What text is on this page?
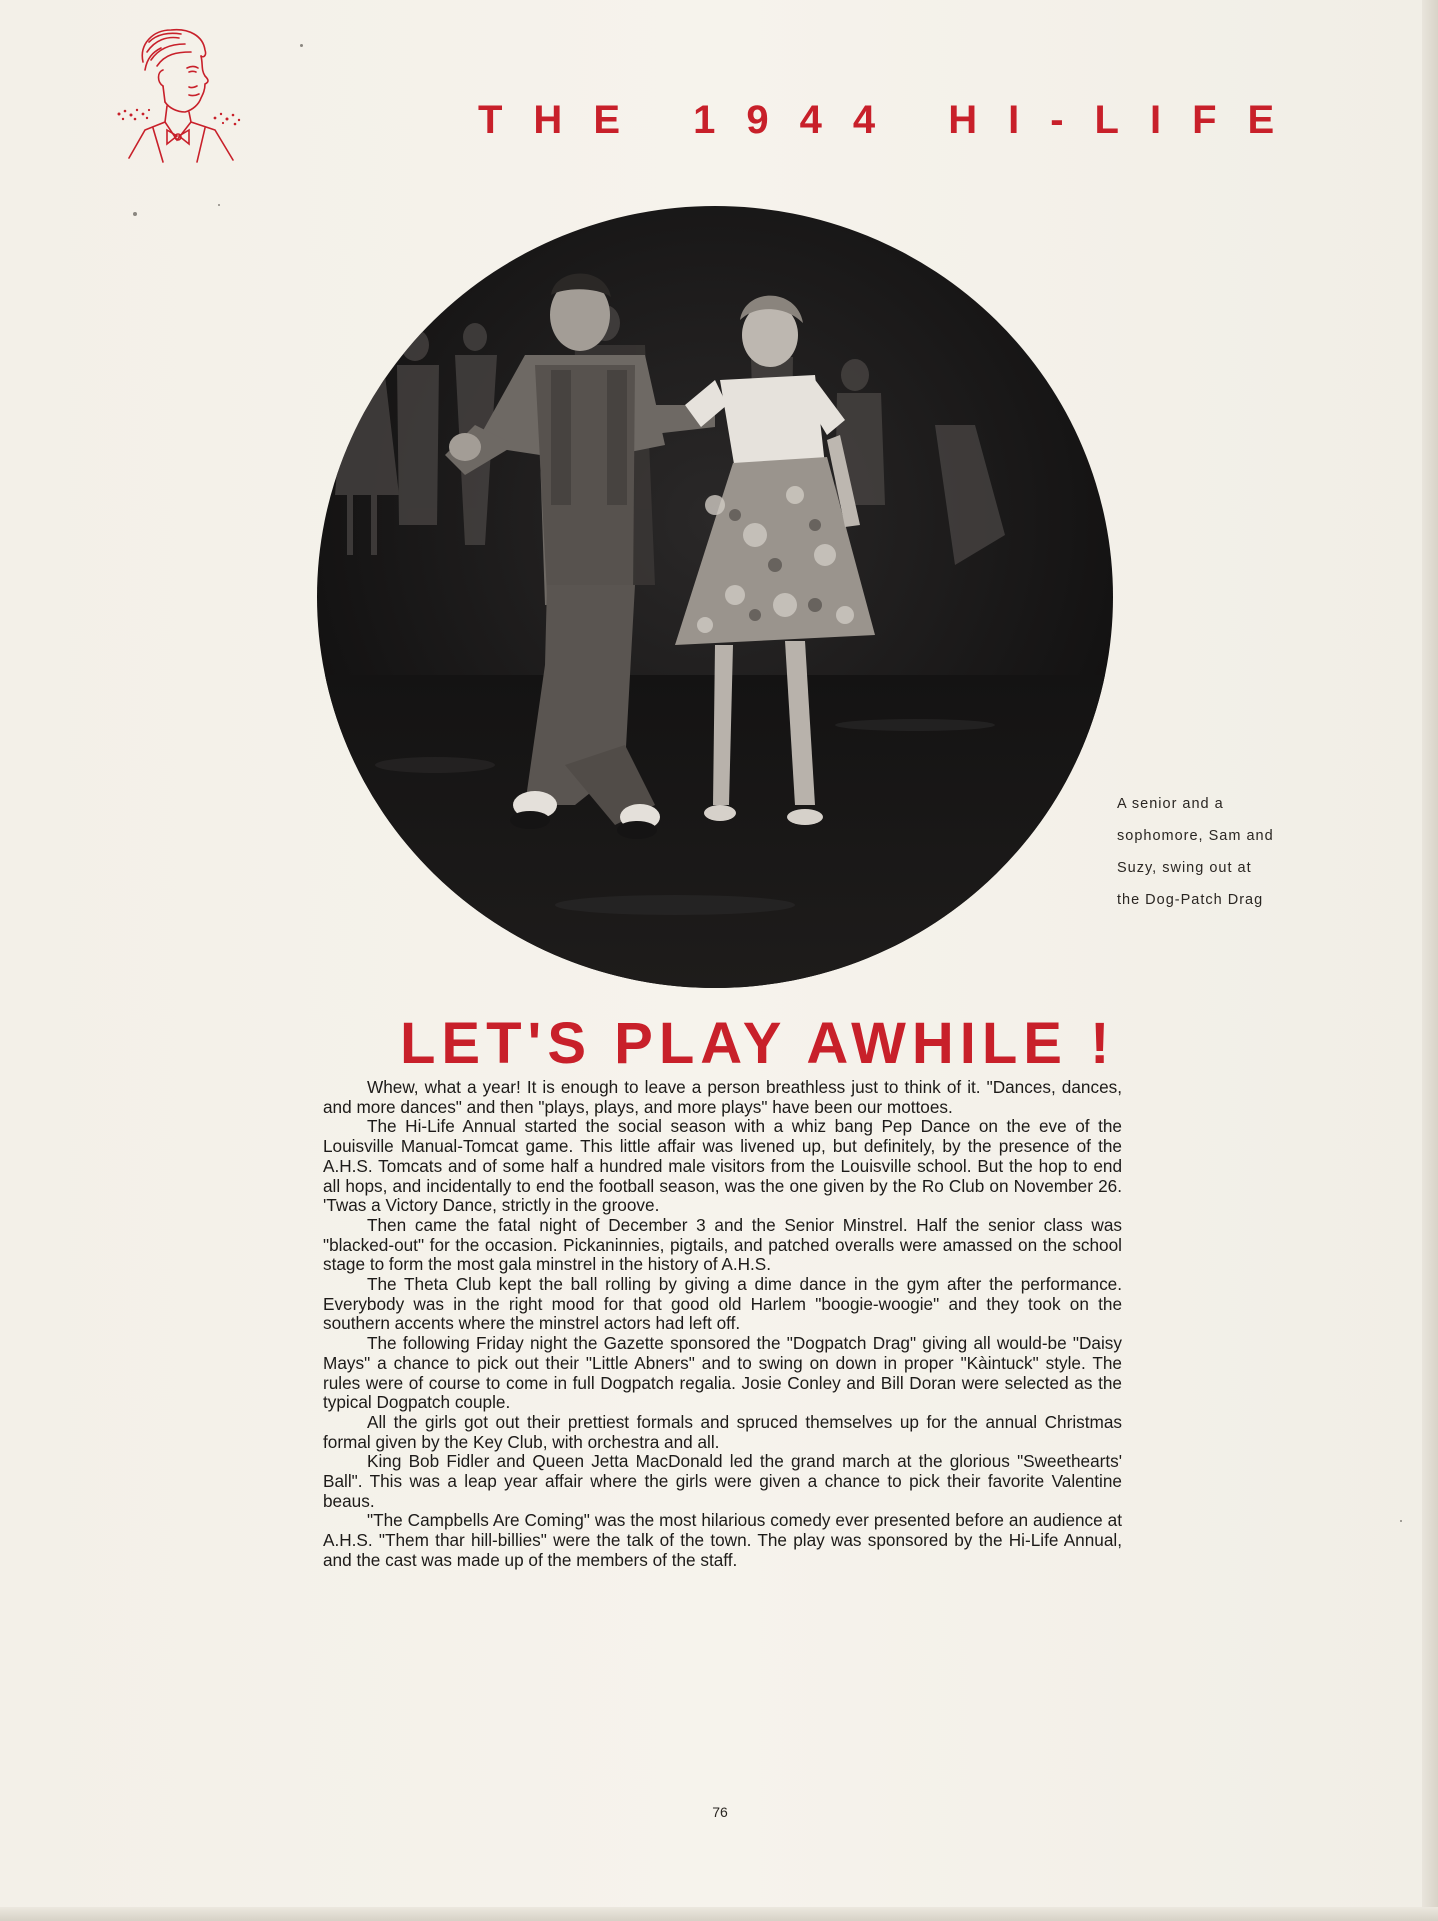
THE 1944 HI-LIFE
A senior and a
sophomore, Sam and
Suzy, swing out at
the Dog-Patch Drag
LET'S PLAY AWHILE !

Whew, what a year! It is enough to leave a person breathless just to think of it. "Dances, dances, and more dances" and then "plays, plays, and more plays" have been our mottoes.

The Hi-Life Annual started the social season with a whiz bang Pep Dance on the eve of the Louisville Manual-Tomcat game. This little affair was livened up, but definitely, by the presence of the A.H.S. Tomcats and of some half a hundred male visitors from the Louisville school. But the hop to end all hops, and incidentally to end the football season, was the one given by the Ro Club on November 26. 'Twas a Victory Dance, strictly in the groove.

Then came the fatal night of December 3 and the Senior Minstrel. Half the senior class was "blacked-out" for the occasion. Pickaninnies, pigtails, and patched overalls were amassed on the school stage to form the most gala minstrel in the history of A.H.S.

The Theta Club kept the ball rolling by giving a dime dance in the gym after the performance. Everybody was in the right mood for that good old Harlem "boogie-woogie" and they took on the southern accents where the minstrel actors had left off.

The following Friday night the Gazette sponsored the "Dogpatch Drag" giving all would-be "Daisy Mays" a chance to pick out their "Little Abners" and to swing on down in proper "Kàintuck" style. The rules were of course to come in full Dogpatch regalia. Josie Conley and Bill Doran were selected as the typical Dogpatch couple.

All the girls got out their prettiest formals and spruced themselves up for the annual Christmas formal given by the Key Club, with orchestra and all.

King Bob Fidler and Queen Jetta MacDonald led the grand march at the glorious "Sweethearts' Ball". This was a leap year affair where the girls were given a chance to pick their favorite Valentine beaus.

"The Campbells Are Coming" was the most hilarious comedy ever presented before an audience at A.H.S. "Them thar hill-billies" were the talk of the town. The play was sponsored by the Hi-Life Annual, and the cast was made up of the members of the staff.

76
